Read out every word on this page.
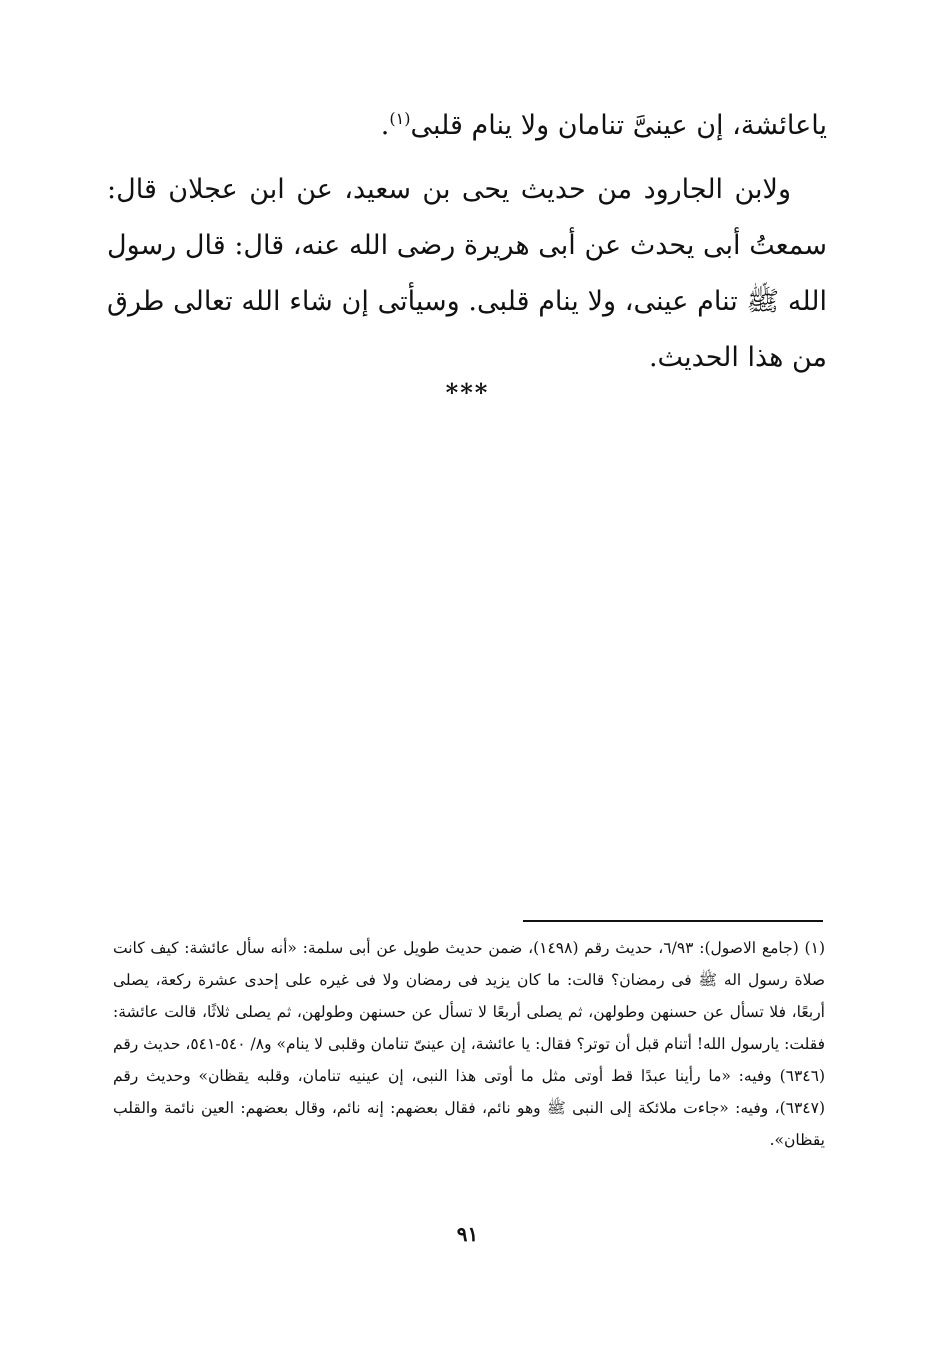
ياعائشة، إن عينىَّ تنامان ولا ينام قلبى$^{(١)}$.

ولابن الجارود من حديث يحى بن سعيد، عن ابن عجلان قال: سمعتُ أبى يحدث عن أبى هريرة رضى الله عنه، قال: قال رسول الله ﷺ تنام عينى، ولا ينام قلبى. وسيأتى إن شاء الله تعالى طرق من هذا الحديث.

***

(١) (جامع الاصول): ٦/٩٣، حديث رقم (١٤٩٨)، ضمن حديث طويل عن أبى سلمة: «أنه سأل عائشة: كيف كانت صلاة رسول اله ﷺ فى رمضان؟ قالت: ما كان يزيد فى رمضان ولا فى غيره على إحدى عشرة ركعة، يصلى أربعًا، فلا تسأل عن حسنهن وطولهن، ثم يصلى أربعًا لا تسأل عن حسنهن وطولهن، ثم يصلى ثلاثًا، قالت عائشة: فقلت: يارسول الله! أتنام قبل أن توتر؟ فقال: يا عائشة، إن عينىّ تنامان وقلبى لا ينام» و٨/ ٥٤٠-٥٤١، حديث رقم (٦٣٤٦) وفيه: «ما رأينا عبدًا قط أوتى مثل ما أوتى هذا النبى، إن عينيه تنامان، وقلبه يقظان» وحديث رقم (٦٣٤٧)، وفيه: «جاءت ملائكة إلى النبى ﷺ وهو نائم، فقال بعضهم: إنه نائم، وقال بعضهم: العين نائمة والقلب يقظان».

٩١
